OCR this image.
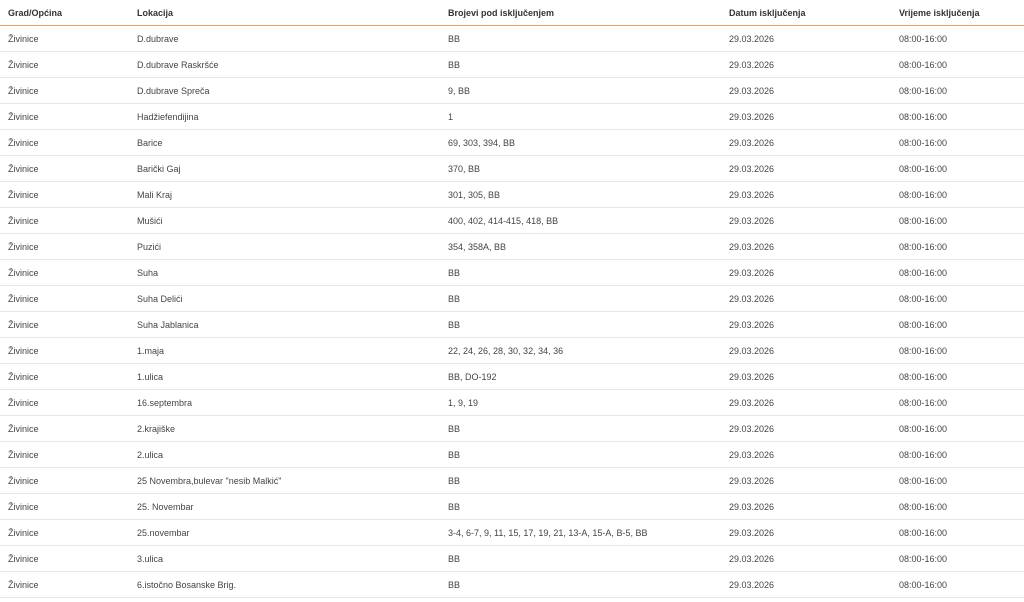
Grad/Općina	Lokacija	Brojevi pod isključenjem	Datum isključenja	Vrijeme isključenja
Živinice	D.dubrave	BB	29.03.2026	08:00-16:00
Živinice	D.dubrave Raskršće	BB	29.03.2026	08:00-16:00
Živinice	D.dubrave Spreča	9, BB	29.03.2026	08:00-16:00
Živinice	Hadžiefendijina	1	29.03.2026	08:00-16:00
Živinice	Barice	69, 303, 394, BB	29.03.2026	08:00-16:00
Živinice	Barički Gaj	370, BB	29.03.2026	08:00-16:00
Živinice	Mali Kraj	301, 305, BB	29.03.2026	08:00-16:00
Živinice	Mušići	400, 402, 414-415, 418, BB	29.03.2026	08:00-16:00
Živinice	Puzići	354, 358A, BB	29.03.2026	08:00-16:00
Živinice	Suha	BB	29.03.2026	08:00-16:00
Živinice	Suha Delići	BB	29.03.2026	08:00-16:00
Živinice	Suha Jablanica	BB	29.03.2026	08:00-16:00
Živinice	1.maja	22, 24, 26, 28, 30, 32, 34, 36	29.03.2026	08:00-16:00
Živinice	1.ulica	BB, DO-192	29.03.2026	08:00-16:00
Živinice	16.septembra	1, 9, 19	29.03.2026	08:00-16:00
Živinice	2.krajiške	BB	29.03.2026	08:00-16:00
Živinice	2.ulica	BB	29.03.2026	08:00-16:00
Živinice	25 Novembra,bulevar "nesib Malkić"	BB	29.03.2026	08:00-16:00
Živinice	25. Novembar	BB	29.03.2026	08:00-16:00
Živinice	25.novembar	3-4, 6-7, 9, 11, 15, 17, 19, 21, 13-A, 15-A, B-5, BB	29.03.2026	08:00-16:00
Živinice	3.ulica	BB	29.03.2026	08:00-16:00
Živinice	6.istočno Bosanske Brig.	BB	29.03.2026	08:00-16:00
